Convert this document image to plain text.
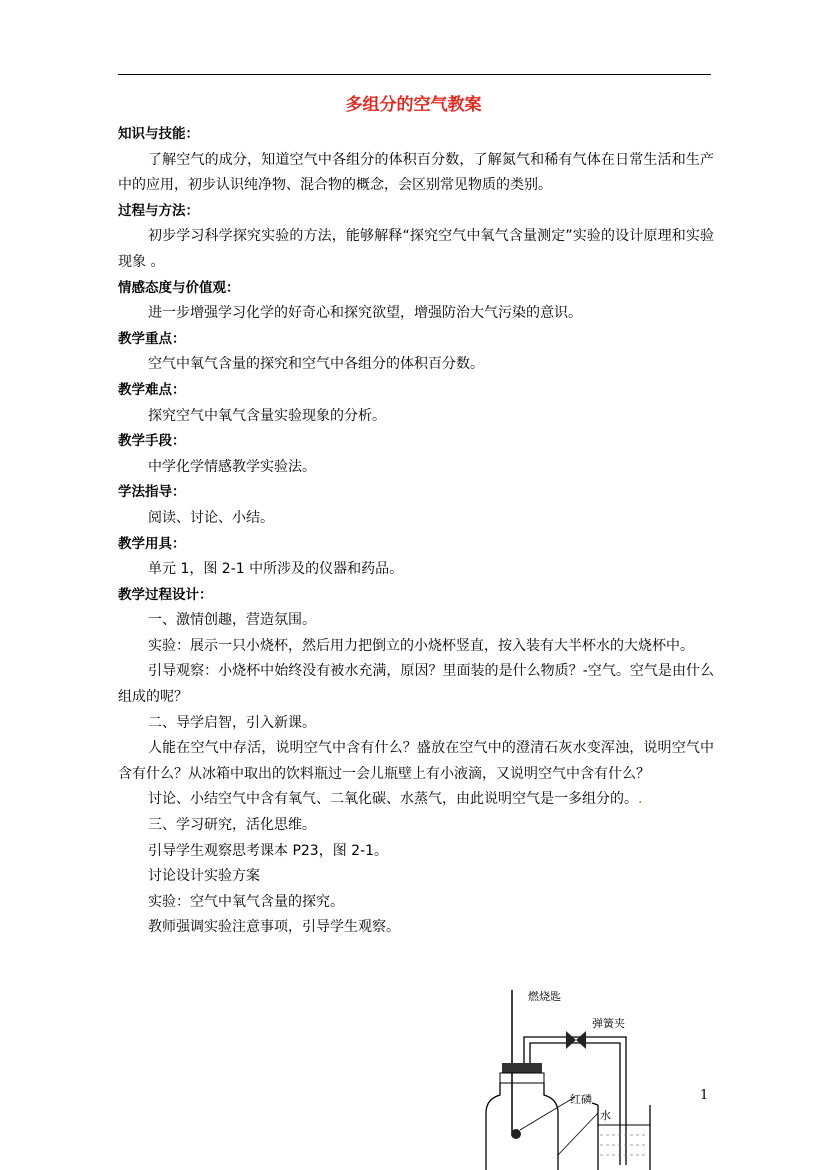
多组分的空气教案

知识与技能：

了解空气的成分，知道空气中各组分的体积百分数，了解氮气和稀有气体在日常生活和生产中的应用，初步认识纯净物、混合物的概念，会区别常见物质的类别。

过程与方法：

初步学习科学探究实验的方法，能够解释“探究空气中氧气含量测定”实验的设计原理和实验现象 。

情感态度与价值观：

进一步增强学习化学的好奇心和探究欲望，增强防治大气污染的意识。

教学重点：

空气中氧气含量的探究和空气中各组分的体积百分数。

教学难点：

探究空气中氧气含量实验现象的分析。

教学手段：

中学化学情感教学实验法。

学法指导：

阅读、讨论、小结。

教学用具：

单元 1，图 2-1 中所涉及的仪器和药品。

教学过程设计：

一、激情创趣，营造氛围。

实验：展示一只小烧杯，然后用力把倒立的小烧杯竖直，按入装有大半杯水的大烧杯中。

引导观察：小烧杯中始终没有被水充满，原因？里面装的是什么物质？-空气。空气是由什么组成的呢？

二、导学启智，引入新课。

人能在空气中存活，说明空气中含有什么？盛放在空气中的澄清石灰水变浑浊，说明空气中含有什么？从冰箱中取出的饮料瓶过一会儿瓶壁上有小液滴，又说明空气中含有什么？

讨论、小结空气中含有氧气、二氧化碳、水蒸气，由此说明空气是一多组分的。.

三、学习研究，活化思维。

引导学生观察思考课本 P23，图 2-1。

讨论设计实验方案

实验：空气中氧气含量的探究。

教师强调实验注意事项，引导学生观察。

燃烧匙
弹簧夹
红磷
水
1
